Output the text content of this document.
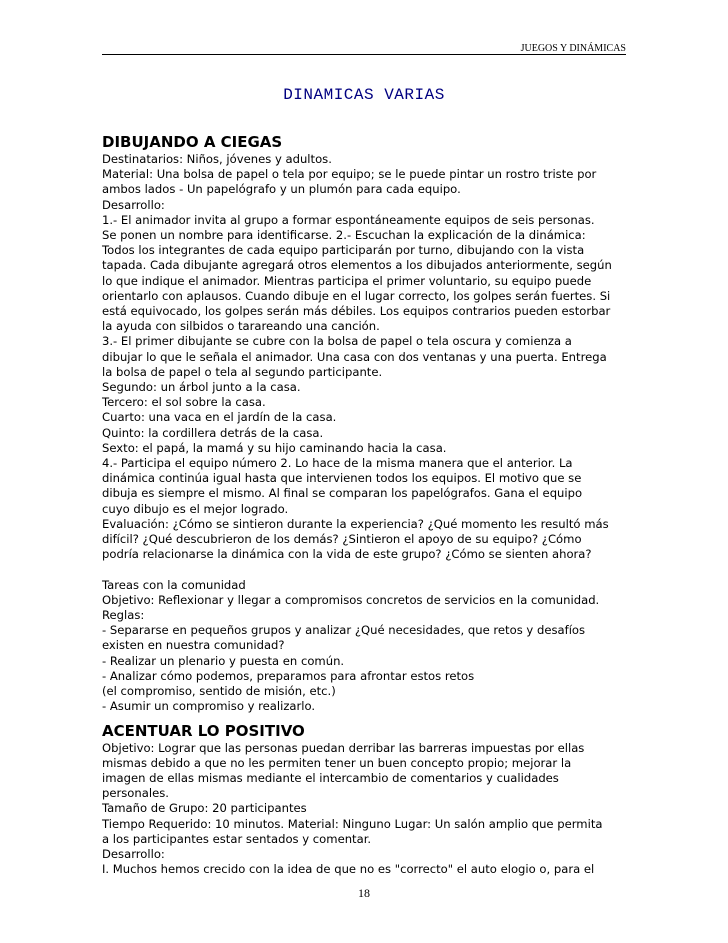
JUEGOS Y DINÁMICAS
DINAMICAS VARIAS
DIBUJANDO A CIEGAS
Destinatarios: Niños, jóvenes y adultos.
Material: Una bolsa de papel o tela por equipo; se le puede pintar un rostro triste por
ambos lados - Un papelógrafo y un plumón para cada equipo.
Desarrollo:
1.- El animador invita al grupo a formar espontáneamente equipos de seis personas.
Se ponen un nombre para identificarse. 2.- Escuchan la explicación de la dinámica:
Todos los integrantes de cada equipo participarán por turno, dibujando con la vista
tapada. Cada dibujante agregará otros elementos a los dibujados anteriormente, según
lo que indique el animador. Mientras participa el primer voluntario, su equipo puede
orientarlo con aplausos. Cuando dibuje en el lugar correcto, los golpes serán fuertes. Si
está equivocado, los golpes serán más débiles. Los equipos contrarios pueden estorbar
la ayuda con silbidos o tarareando una canción.
3.- El primer dibujante se cubre con la bolsa de papel o tela oscura y comienza a
dibujar lo que le señala el animador. Una casa con dos ventanas y una puerta. Entrega
la bolsa de papel o tela al segundo participante.
Segundo: un árbol junto a la casa.
Tercero: el sol sobre la casa.
Cuarto: una vaca en el jardín de la casa.
Quinto: la cordillera detrás de la casa.
Sexto: el papá, la mamá y su hijo caminando hacia la casa.
4.- Participa el equipo número 2. Lo hace de la misma manera que el anterior. La
dinámica continúa igual hasta que intervienen todos los equipos. El motivo que se
dibuja es siempre el mismo. Al final se comparan los papelógrafos. Gana el equipo
cuyo dibujo es el mejor logrado.
Evaluación: ¿Cómo se sintieron durante la experiencia? ¿Qué momento les resultó más
difícil? ¿Qué descubrieron de los demás? ¿Sintieron el apoyo de su equipo? ¿Cómo
podría relacionarse la dinámica con la vida de este grupo? ¿Cómo se sienten ahora?
Tareas con la comunidad
Objetivo: Reflexionar y llegar a compromisos concretos de servicios en la comunidad.
Reglas:
- Separarse en pequeños grupos y analizar ¿Qué necesidades, que retos y desafíos
existen en nuestra comunidad?
- Realizar un plenario y puesta en común.
- Analizar cómo podemos, preparamos para afrontar estos retos
(el compromiso, sentido de misión, etc.)
- Asumir un compromiso y realizarlo.
ACENTUAR LO POSITIVO
Objetivo: Lograr que las personas puedan derribar las barreras impuestas por ellas
mismas debido a que no les permiten tener un buen concepto propio; mejorar la
imagen de ellas mismas mediante el intercambio de comentarios y cualidades
personales.
Tamaño de Grupo: 20 participantes
Tiempo Requerido: 10 minutos. Material: Ninguno Lugar: Un salón amplio que permita
a los participantes estar sentados y comentar.
Desarrollo:
I. Muchos hemos crecido con la idea de que no es "correcto" el auto elogio o, para el
18
